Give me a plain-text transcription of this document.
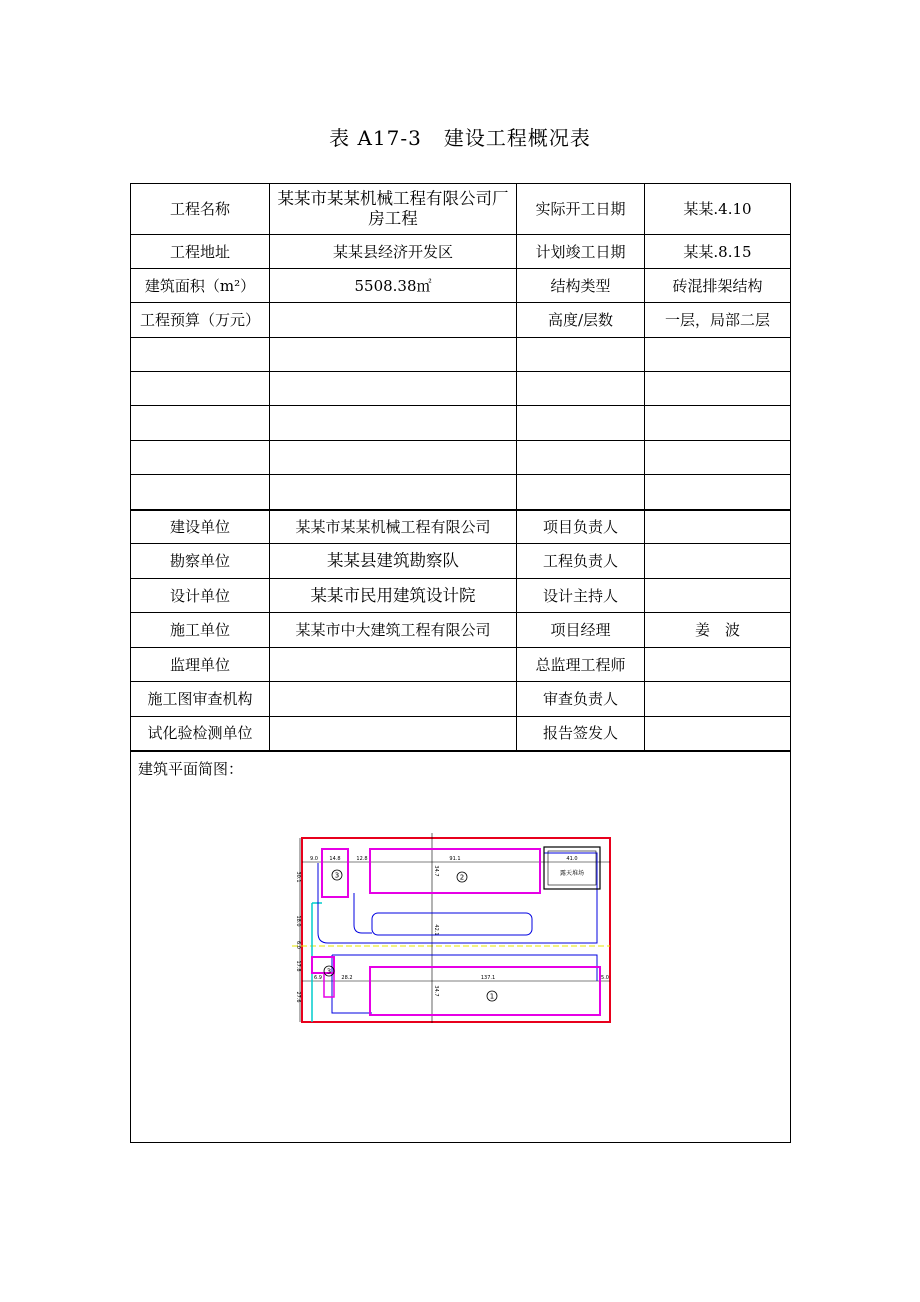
表 A17-3 建设工程概况表
工程名称	某某市某某机械工程有限公司厂房工程	实际开工日期	某某.4.10
工程地址	某某县经济开发区	计划竣工日期	某某.8.15
建筑面积（m²）	5508.38㎡	结构类型	砖混排架结构
工程预算（万元）		高度/层数	一层，局部二层

建设单位	某某市某某机械工程有限公司	项目负责人	
勘察单位	某某县建筑勘察队	工程负责人	
设计单位	某某市民用建筑设计院	设计主持人	
施工单位	某某市中大建筑工程有限公司	项目经理	姜　波
监理单位		总监理工程师	
施工图审查机构		审查负责人	
试化验检测单位		报告签发人	

建筑平面简图：
露天堆场
3	2
1
3
9.0 14.8	12.8	91.1	41.0
30.1
18.0
6.0
17.8
27.6
34.7
42.1
34.7
28.2	137.1	5.0
6.9
